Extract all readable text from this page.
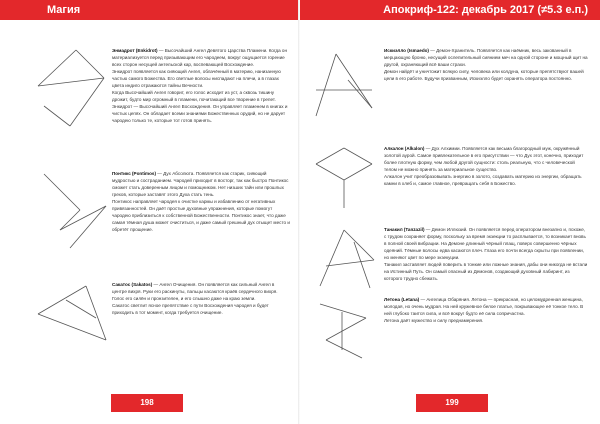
Магия

Энмадрот (Enkidrot) — Высочайший Ангел Девятого Царства Пламени. Когда он материализуется перед призывающим его чародеем, вокруг ощущается горение всех сторон несущей антельской кар, воспевающей Восхождение.

Энкидрот появляется как сияющий Ангел, облачённый в материю, нанизанную частью самого Божества. Его светлые волосы ниспадают на плечи, а в глазах цвета индиго отражаются тайны Вечности.

Когда Высочайший Ангел говорит, его голос исходит из уст, а сквозь тишину дрожит, будто мир огромный в пламени, почитающий все творение в трепет.

Энкидрот — Высочайший Ангел Восхождения. Он управляет пламенем в книгах и чистых цепях. Он обладает всеми знаниями Божественных орудий, но не дарует чародею только те, которые тот готов принять.

Понтикс (Pontimos) — Дух Абсолюта. Появляется как старик, сияющий мудростью и состраданием. Чародей приходит в восторг, так как быстро Понтикос сможет стать доверенным лицом и помощником. Нет низших тайн или прошлых грехов, которые заставят этого Духа стать тень.

Понтикос направляет чародея к очистке кармы и избавлению от негативных привязанностей. Он даёт простые духовные упражнения, которые помогут чародею приблизиться к собственной Божественности. Понтикос знает, что даже самая тёмная душа может очиститься, и даже самый грешный дух отыщет место и обретёт прощение.

Сакатос (Sakatos) — Ангел Очищения. Он появляется как сильный Ангел в центре вихря. Руки его раскинуты, пальцы касаются краёв сердечного вихря. Голос его силён и пронзителен, и его слышно даже на краю земли.

Сакатос светлит ясное препятствие с пути Восхождения чародея и будет приходить в тот момент, когда требуется очищение.

198
Апокриф-122: декабрь 2017 (≠5.3 е.п.)

Искиэлло (Ismaedo) — Демон-Хранитель. Появляется как наёмник, весь закованный в мерцающую броню, несущий ослепительный сиянием меч на одной стороне и мощный щит на другой, охраняющий всё ваши страхи.

Демон найдёт и уничтожит всякую силу, человека или колдуна, которые препятствуют вашей цели в его работе. Будучи призванным, Искиэлло будет охранять операторa постоянно.

Алкалон (Alkalon) — Дух Алхимии. Появляется как весьма благородный муж, окружённый золотой аурой. Самое привлекательное в его присутствии — что Дух этот, конечно, приходит более плотную форму, чем любой другой сущности: столь реальную, что с человеческой телом не можно принять за материальное существо.

Алкалон учит преобразовывать энергию в золото, создавать материю из энергии, обращать камни в хлеб и, самое главное, превращать себя в Божество.

Танакил (Tanzazil) — Демон Иллюзий. Он появляется перед оператором внезапно и, похоже, с трудом сохраняет форму, поскольку за время экзекции то расплывается, то возникает вновь в полной своей вибрации. На Демоне длинный чёрный плащ, поверх совершенно чёрных одеяний. Тёмные волосы едва касаются плеч. Глаза его почти всегда скрыты при появлении, но меняют цвет по мере экзекуции.

Танакил заставляет людей поверить в тонкие или ложные знания, дабы они никогда не встали на Истинный Путь. Он самый опасный из Демонов, создающий духовный лабиринт, из которого трудно сбежать.

Летона (Letana) — Ангелица Обаряния. Летона — прекрасная, но целомудренная женщина, молодая, но очень мудрая. На ней кружевное белое платье, покрывающее её тонкое тело. В ней глубоко таится сила, и всё вокруг будто её сила сопричастна.

Летона даёт мужество и силу преднамерения.

199
